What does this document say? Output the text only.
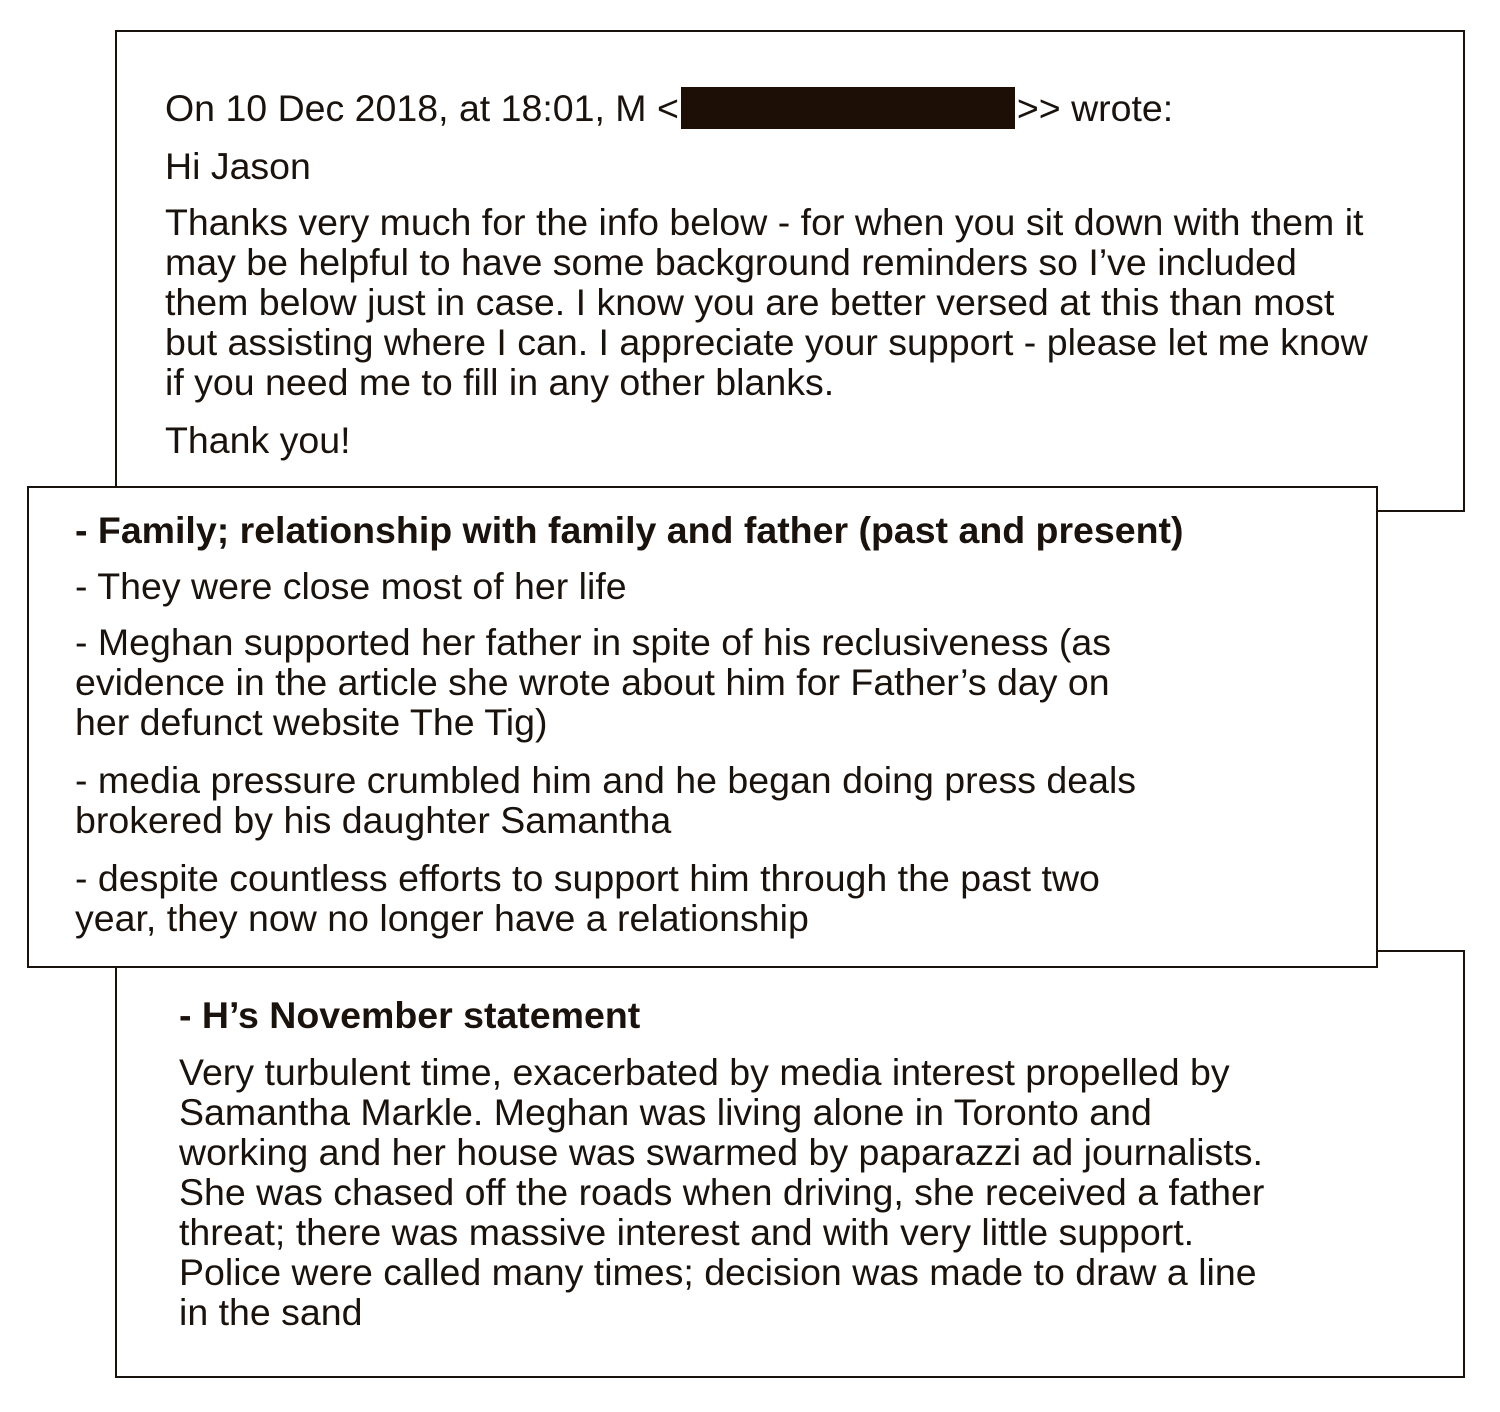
On 10 Dec 2018, at 18:01, M <	>> wrote:

Hi Jason

Thanks very much for the info below - for when you sit down with them it
may be helpful to have some background reminders so I’ve included
them below just in case. I know you are better versed at this than most
but assisting where I can. I appreciate your support - please let me know
if you need me to fill in any other blanks.

Thank you!

- Family; relationship with family and father (past and present)

- They were close most of her life

- Meghan supported her father in spite of his reclusiveness (as
evidence in the article she wrote about him for Father’s day on
her defunct website The Tig)

- media pressure crumbled him and he began doing press deals
brokered by his daughter Samantha

- despite countless efforts to support him through the past two
year, they now no longer have a relationship

- H’s November statement

Very turbulent time, exacerbated by media interest propelled by
Samantha Markle. Meghan was living alone in Toronto and
working and her house was swarmed by paparazzi ad journalists.
She was chased off the roads when driving, she received a father
threat; there was massive interest and with very little support.
Police were called many times; decision was made to draw a line
in the sand
